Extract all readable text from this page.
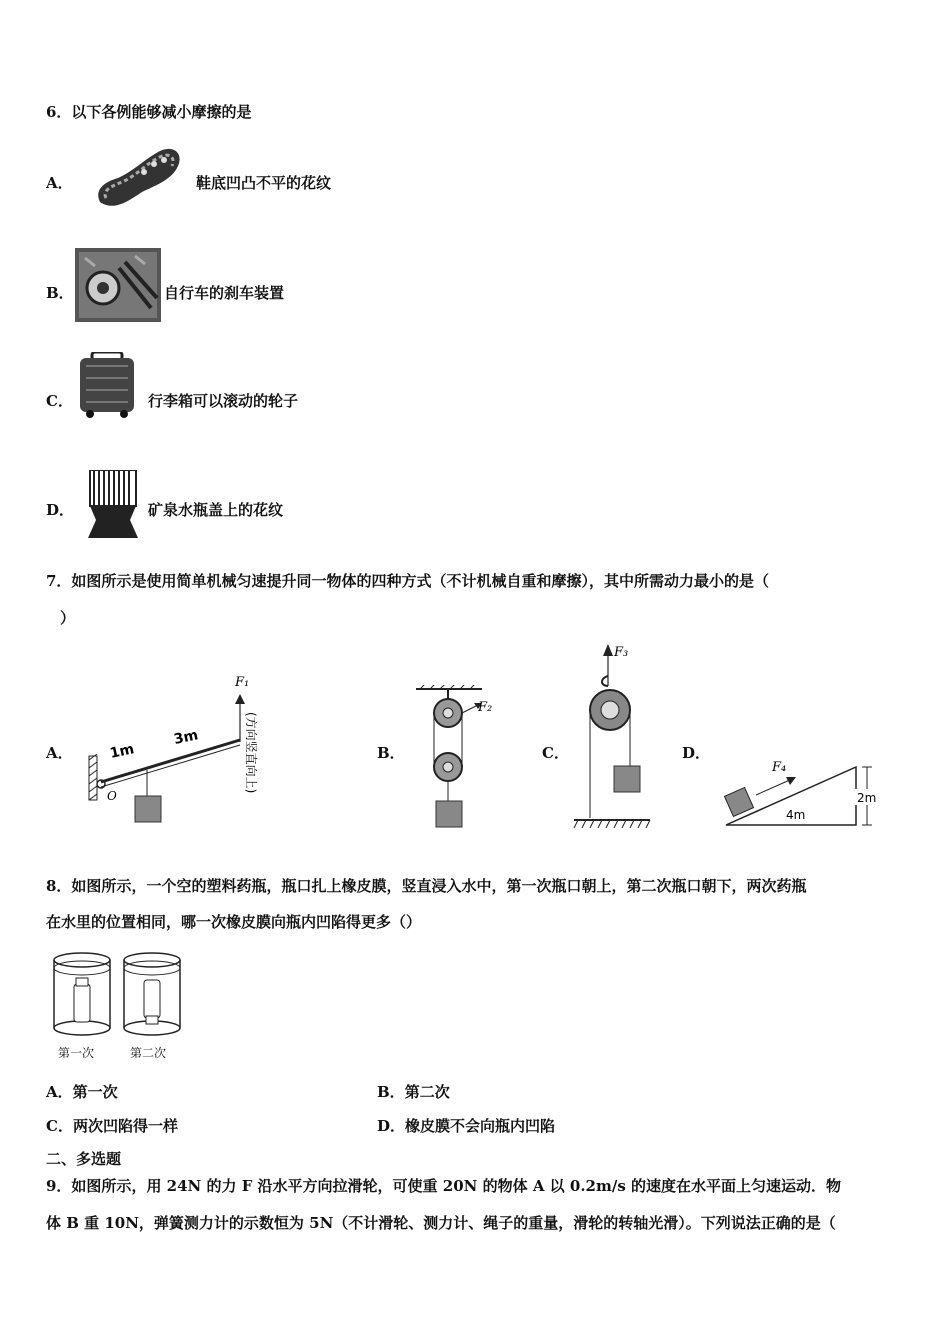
6．以下各例能够减小摩擦的是
A．	鞋底凹凸不平的花纹
B．	自行车的刹车装置
C．	行李箱可以滚动的轮子
D．	矿泉水瓶盖上的花纹
7．如图所示是使用简单机械匀速提升同一物体的四种方式（不计机械自重和摩擦），其中所需动力最小的是（
）
A．	B．	C．	D．
F₁
1m
3m
O
(方向竖直向上)
F₂
F₃
F₄
4m
2m
8．如图所示，一个空的塑料药瓶，瓶口扎上橡皮膜，竖直浸入水中，第一次瓶口朝上，第二次瓶口朝下，两次药瓶
在水里的位置相同，哪一次橡皮膜向瓶内凹陷得更多（）
第一次	第二次
A．第一次	B．第二次
C．两次凹陷得一样	D．橡皮膜不会向瓶内凹陷
二、多选题
9．如图所示，用 24N 的力 F 沿水平方向拉滑轮，可使重 20N 的物体 A 以 0.2m/s 的速度在水平面上匀速运动．物
体 B 重 10N，弹簧测力计的示数恒为 5N（不计滑轮、测力计、绳子的重量，滑轮的转轴光滑）。下列说法正确的是（
